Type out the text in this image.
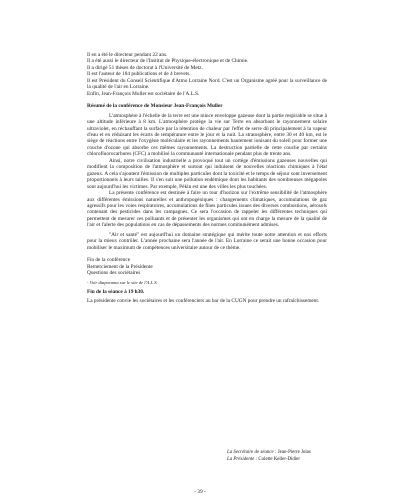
Il en a été le directeur pendant 22 ans.

Il a été aussi le directeur de l'Institut de Physique-électronique et de Chimie.

Il a dirigé 51 thèses de doctorat à l'Université de Metz.

Il est l'auteur de 184 publications et de 4 brevets.

Il est Président du Conseil Scientifique d'Atmo Lorraine Nord. C'est un Organisme agréé pour la surveillance de la qualité de l'air en Lorraine.

Enfin, Jean-François Muller est sociétaire de l'A.L.S.

Résumé de la conférence de Monsieur Jean-François Muller

L'atmosphère à l'échelle de la terre est une mince enveloppe gazeuse dont la partie respirable se situe à une altitude inférieure à 8 km. L'atmosphère protège la vie sur Terre en absorbant le rayonnement solaire ultraviolet, en réchauffant la surface par la rétention de chaleur par l'effet de serre dû principalement à la vapeur d'eau et en réduisant les écarts de température entre le jour et la nuit. La stratosphère, entre 30 et 40 km, est le siège de réactions entre l'oxygène moléculaire et les rayonnements hautement ionisant du soleil pour former une couche d'ozone qui absorbe ces mêmes rayonnements. La destruction partielle de cette couche par certains chlorofluorocarbures (CFC) a mobilisé la communauté internationale pendant plus de trente ans.

Ainsi, notre civilisation industrielle a provoqué tout un cortège d'émissions gazeuses nouvelles qui modifient la composition de l'atmosphère et surtout qui induisent de nouvelles réactions chimiques à l'état gazeux. A cela s'ajoutent l'émission de multiples particules dont la toxicité et le temps de séjour sont inversement proportionnels à leurs tailles. Il s'en suit une pollution endémique dont les habitants des nombreuses mégapoles sont aujourd'hui les victimes. Par exemple, Pékin est une des villes les plus touchées.

La présente conférence est destinée à faire un tour d'horizon sur l'extrême sensibilité de l'atmosphère aux différentes émissions naturelles et anthropogéniques : changements climatiques, accumulations de gaz agressifs pour les voies respiratoires, accumulations de fines particules issues des diverses combustions, aérosols contenant des pesticides dans les campagnes. Ce sera l'occasion de rappeler les différentes techniques qui permettent de mesurer ces polluants et de présenter les organismes qui ont en charge la mesure de la qualité de l'air et l'alerte des populations en cas de dépassements des normes communément admises.

"Air et santé" est aujourd'hui un domaine stratégique qui mérite toute notre attention et nos efforts pour la mieux contrôler. L'année prochaine sera l'année de l'air. En Lorraine ce serait une bonne occasion pour mobiliser le maximum de compétences universitaire autour de ce thème.

Fin de la conférence

Remerciement de la Présidente

Questions des sociétaires

- Voir diaporama sur le site de l'A.L.S.

Fin de la séance à 19 h30.

La présidente convie les sociétaires et les conférenciers au bar de la CUGN pour prendre un rafraîchissement.

La Secrétaire de séance : Jean-Pierre Jolas
La Présidente : Colette Keller-Didier
- 39 -
